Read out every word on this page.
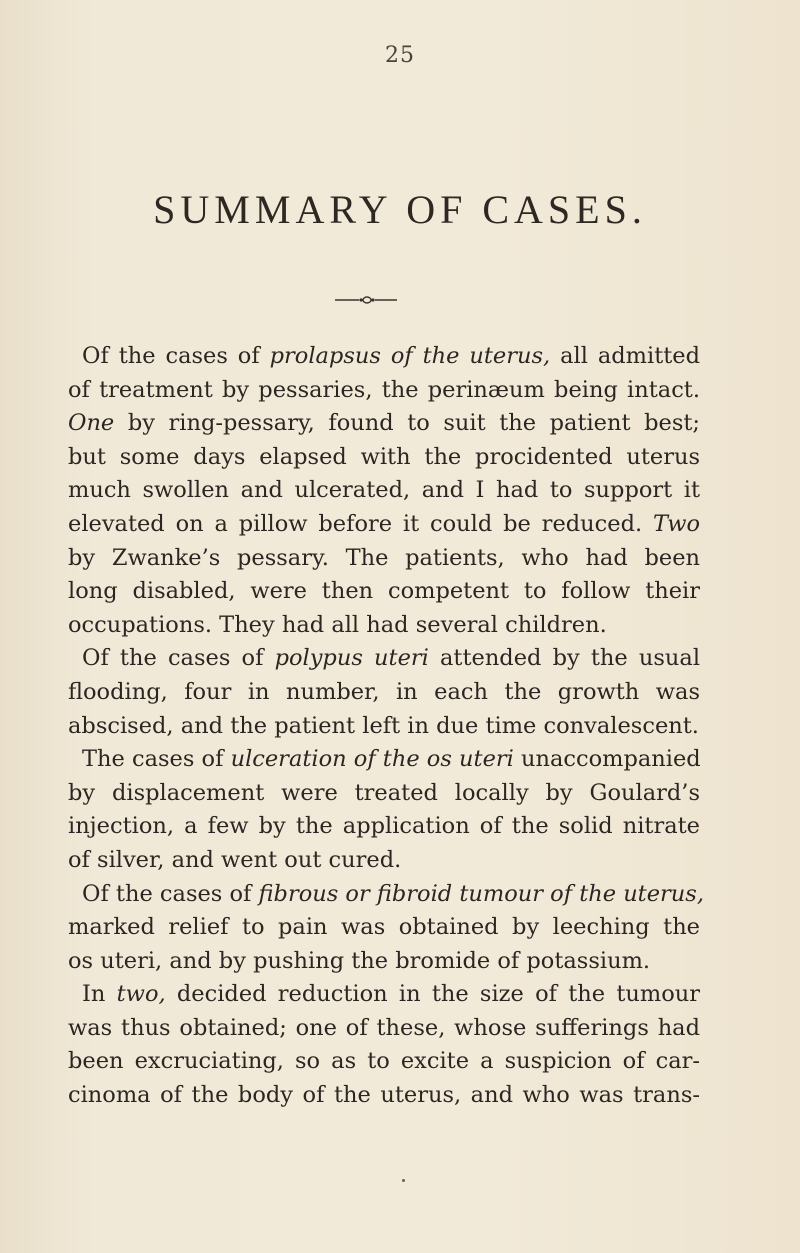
25
SUMMARY OF CASES.
Of the cases of prolapsus of the uterus, all admitted
of treatment by pessaries, the perinæum being intact.
One by ring-pessary, found to suit the patient best;
but some days elapsed with the procidented uterus
much swollen and ulcerated, and I had to support it
elevated on a pillow before it could be reduced. Two
by Zwanke’s pessary. The patients, who had been
long disabled, were then competent to follow their
occupations. They had all had several children.
Of the cases of polypus uteri attended by the usual
flooding, four in number, in each the growth was
abscised, and the patient left in due time convalescent.
The cases of ulceration of the os uteri unaccompanied
by displacement were treated locally by Goulard’s
injection, a few by the application of the solid nitrate
of silver, and went out cured.
Of the cases of fibrous or fibroid tumour of the uterus,
marked relief to pain was obtained by leeching the
os uteri, and by pushing the bromide of potassium.
In two, decided reduction in the size of the tumour
was thus obtained; one of these, whose sufferings had
been excruciating, so as to excite a suspicion of car-
cinoma of the body of the uterus, and who was trans-
